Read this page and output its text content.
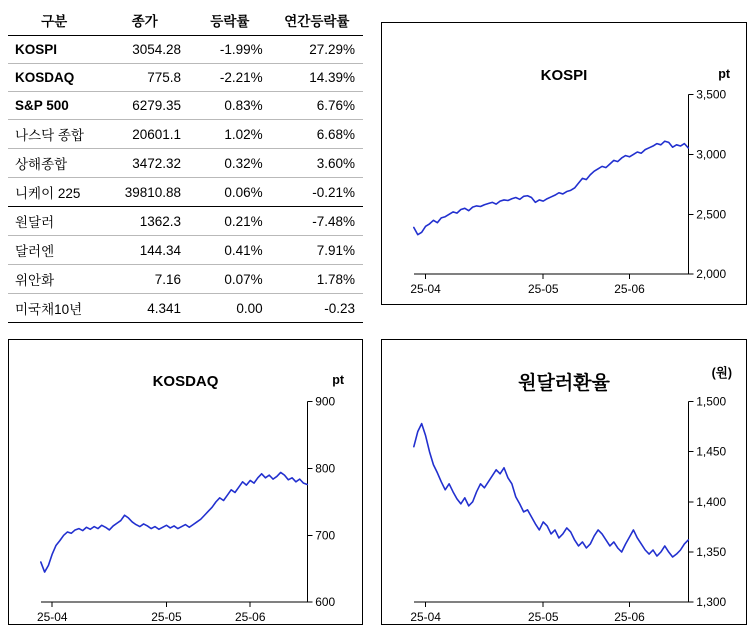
구분	종가	등락률	연간등락률
KOSPI	3054.28	-1.99%	27.29%
KOSDAQ	775.8	-2.21%	14.39%
S&P 500	6279.35	0.83%	6.76%
나스닥 종합	20601.1	1.02%	6.68%
상해종합	3472.32	0.32%	3.60%
니케이 225	39810.88	0.06%	-0.21%
원달러	1362.3	0.21%	-7.48%
달러엔	144.34	0.41%	7.91%
위안화	7.16	0.07%	1.78%
미국채10년	4.341	0.00	-0.23
KOSPI	pt
2,000
2,500
3,000
3,500
25-04	25-05	25-06
KOSDAQ	pt
600
700
800
900
25-04	25-05	25-06
원달러환율	(원)
1,300
1,350
1,400
1,450
1,500
25-04	25-05	25-06
